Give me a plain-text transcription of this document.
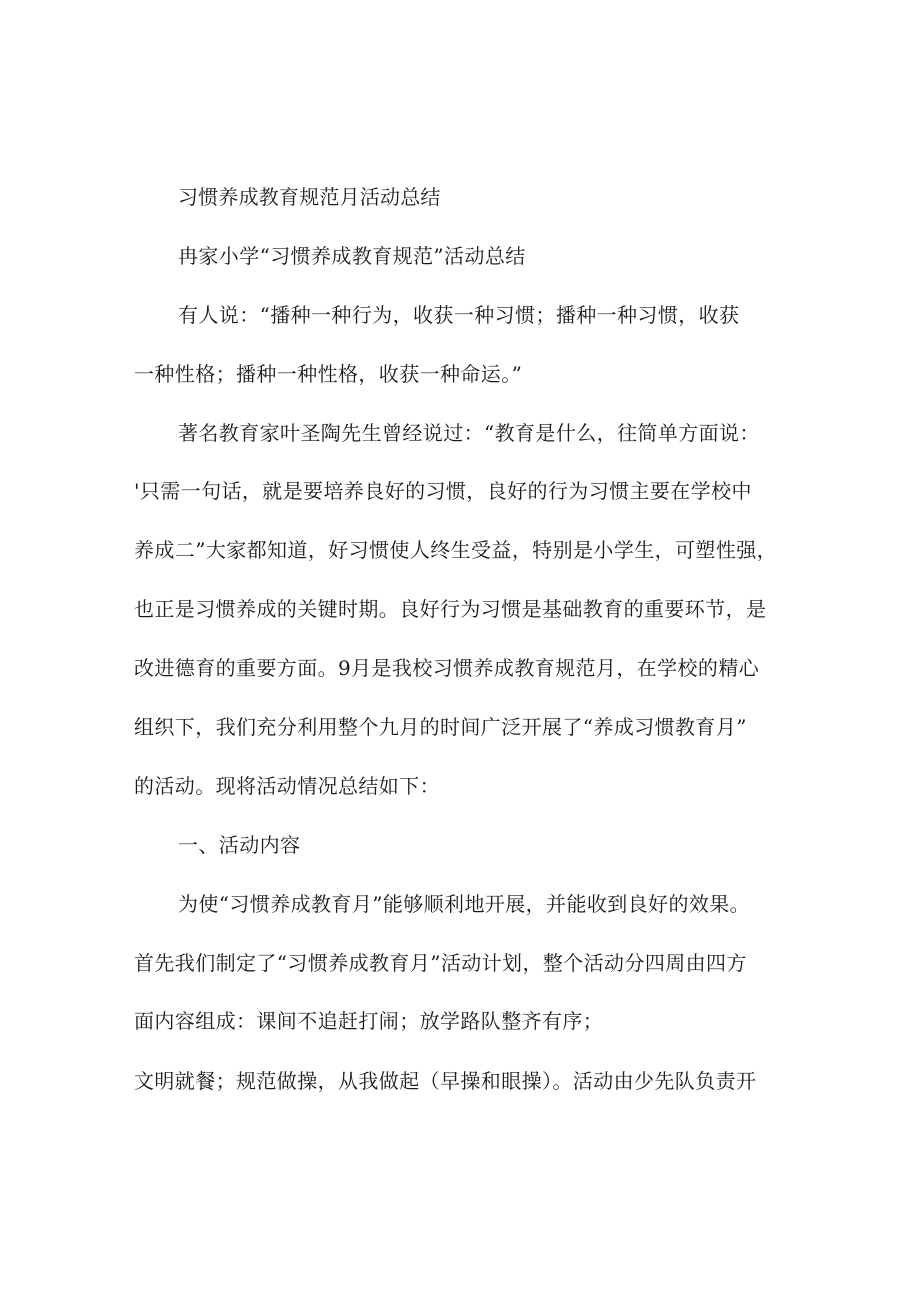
习惯养成教育规范月活动总结
冉家小学“习惯养成教育规范”活动总结
有人说：“播种一种行为，收获一种习惯；播种一种习惯，收获
一种性格；播种一种性格，收获一种命运。”
著名教育家叶圣陶先生曾经说过：“教育是什么，往简单方面说：
'只需一句话，就是要培养良好的习惯，良好的行为习惯主要在学校中
养成二”大家都知道，好习惯使人终生受益，特别是小学生，可塑性强，
也正是习惯养成的关键时期。良好行为习惯是基础教育的重要环节，是
改进德育的重要方面。9月是我校习惯养成教育规范月，在学校的精心
组织下，我们充分利用整个九月的时间广泛开展了“养成习惯教育月”
的活动。现将活动情况总结如下：
一、活动内容
为使“习惯养成教育月”能够顺利地开展，并能收到良好的效果。
首先我们制定了“习惯养成教育月”活动计划，整个活动分四周由四方
面内容组成：课间不追赶打闹；放学路队整齐有序；
文明就餐；规范做操，从我做起（早操和眼操）。活动由少先队负责开
